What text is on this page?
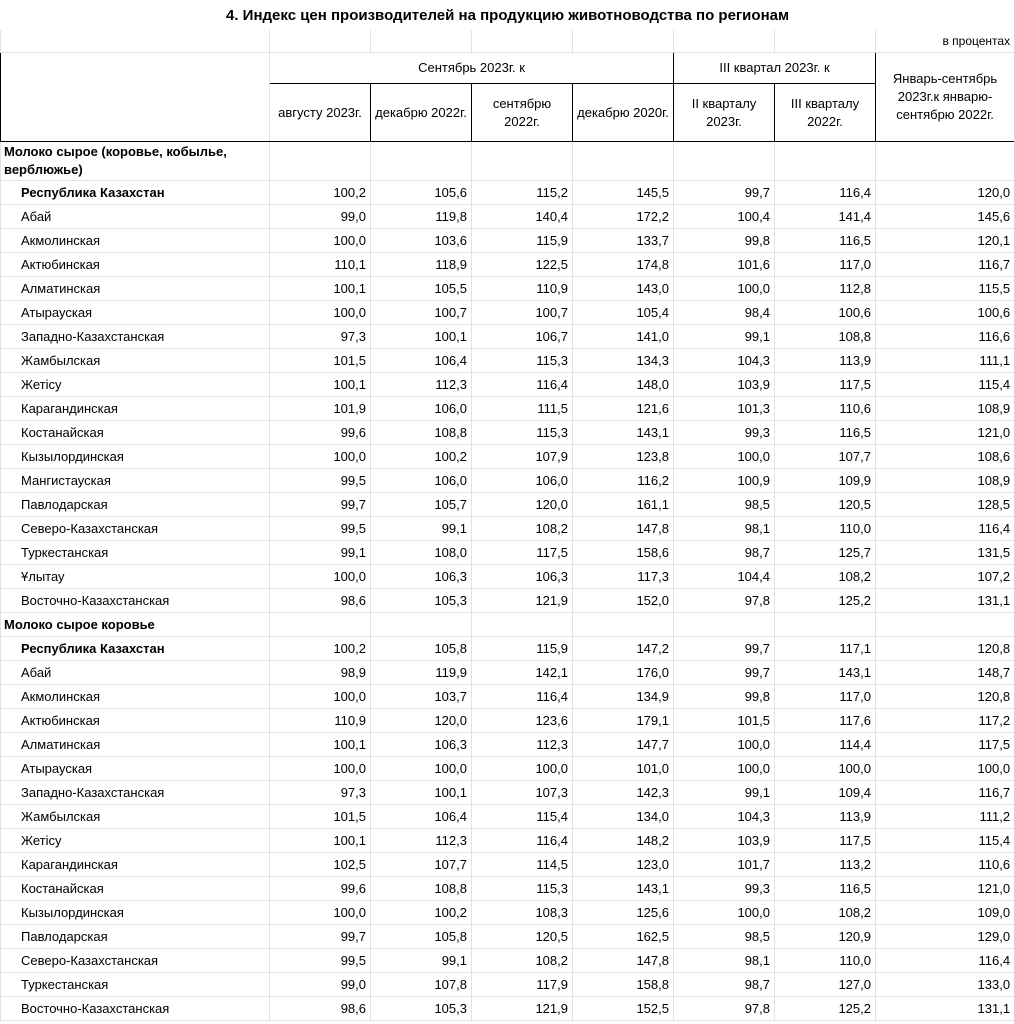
4. Индекс цен производителей на продукцию животноводства по регионам							
							в процентах
	Сентябрь 2023г. к				III квартал 2023г. к		Январь-сентябрь 2023г.к январю-сентябрю 2022г.
	августу 2023г.	декабрю 2022г.	сентябрю 2022г.	декабрю 2020г.	II кварталу 2023г.	III кварталу 2022г.	
Молоко сырое (коровье, кобылье, верблюжье)							
Республика Казахстан	100,2	105,6	115,2	145,5	99,7	116,4	120,0
Абай	99,0	119,8	140,4	172,2	100,4	141,4	145,6
Акмолинская	100,0	103,6	115,9	133,7	99,8	116,5	120,1
Актюбинская	110,1	118,9	122,5	174,8	101,6	117,0	116,7
Алматинская	100,1	105,5	110,9	143,0	100,0	112,8	115,5
Атырауская	100,0	100,7	100,7	105,4	98,4	100,6	100,6
Западно-Казахстанская	97,3	100,1	106,7	141,0	99,1	108,8	116,6
Жамбылская	101,5	106,4	115,3	134,3	104,3	113,9	111,1
Жетісу	100,1	112,3	116,4	148,0	103,9	117,5	115,4
Карагандинская	101,9	106,0	111,5	121,6	101,3	110,6	108,9
Костанайская	99,6	108,8	115,3	143,1	99,3	116,5	121,0
Кызылординская	100,0	100,2	107,9	123,8	100,0	107,7	108,6
Мангистауская	99,5	106,0	106,0	116,2	100,9	109,9	108,9
Павлодарская	99,7	105,7	120,0	161,1	98,5	120,5	128,5
Северо-Казахстанская	99,5	99,1	108,2	147,8	98,1	110,0	116,4
Туркестанская	99,1	108,0	117,5	158,6	98,7	125,7	131,5
Ұлытау	100,0	106,3	106,3	117,3	104,4	108,2	107,2
Восточно-Казахстанская	98,6	105,3	121,9	152,0	97,8	125,2	131,1
Молоко сырое коровье							
Республика Казахстан	100,2	105,8	115,9	147,2	99,7	117,1	120,8
Абай	98,9	119,9	142,1	176,0	99,7	143,1	148,7
Акмолинская	100,0	103,7	116,4	134,9	99,8	117,0	120,8
Актюбинская	110,9	120,0	123,6	179,1	101,5	117,6	117,2
Алматинская	100,1	106,3	112,3	147,7	100,0	114,4	117,5
Атырауская	100,0	100,0	100,0	101,0	100,0	100,0	100,0
Западно-Казахстанская	97,3	100,1	107,3	142,3	99,1	109,4	116,7
Жамбылская	101,5	106,4	115,4	134,0	104,3	113,9	111,2
Жетісу	100,1	112,3	116,4	148,2	103,9	117,5	115,4
Карагандинская	102,5	107,7	114,5	123,0	101,7	113,2	110,6
Костанайская	99,6	108,8	115,3	143,1	99,3	116,5	121,0
Кызылординская	100,0	100,2	108,3	125,6	100,0	108,2	109,0
Павлодарская	99,7	105,8	120,5	162,5	98,5	120,9	129,0
Северо-Казахстанская	99,5	99,1	108,2	147,8	98,1	110,0	116,4
Туркестанская	99,0	107,8	117,9	158,8	98,7	127,0	133,0
Восточно-Казахстанская	98,6	105,3	121,9	152,5	97,8	125,2	131,1
